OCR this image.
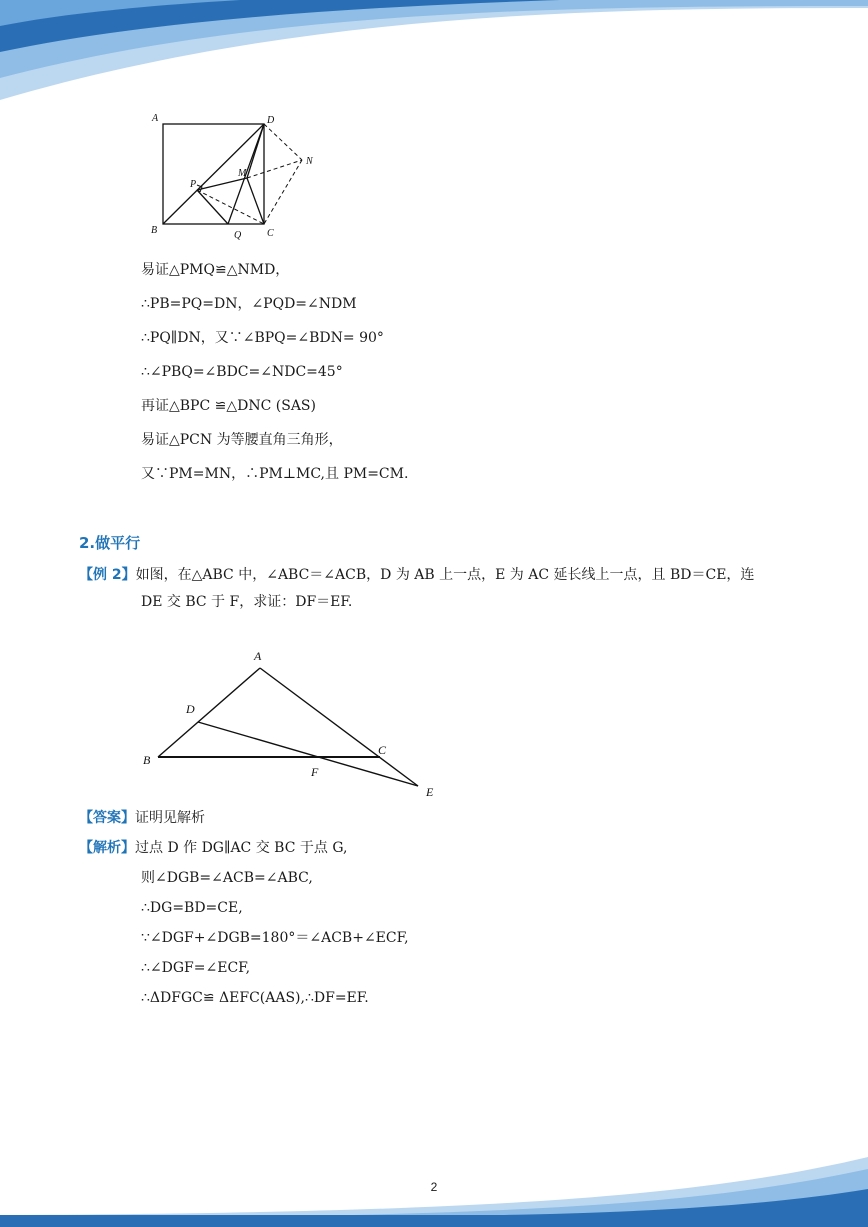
A	D
N
M
P
B	Q	C
易证△PMQ≌△NMD，
∴PB=PQ=DN，∠PQD=∠NDM
∴PQ∥DN，又∵∠BPQ=∠BDN= 90°
∴∠PBQ=∠BDC=∠NDC=45°
再证△BPC ≌△DNC (SAS)
易证△PCN 为等腰直角三角形，
又∵PM=MN，∴PM⊥MC,且 PM=CM.
2.做平行
【例 2】如图，在△ABC 中，∠ABC＝∠ACB，D 为 AB 上一点，E 为 AC 延长线上一点，且 BD＝CE，连
DE 交 BC 于 F，求证：DF＝EF.
A
D
B
C
F
E
【答案】证明见解析
【解析】过点 D 作 DG∥AC 交 BC 于点 G,
则∠DGB=∠ACB=∠ABC,
∴DG=BD=CE,
∵∠DGF+∠DGB=180°＝∠ACB+∠ECF,
∴∠DGF=∠ECF,
∴ΔDFGC≌ ΔEFC(AAS),∴DF=EF.
2
